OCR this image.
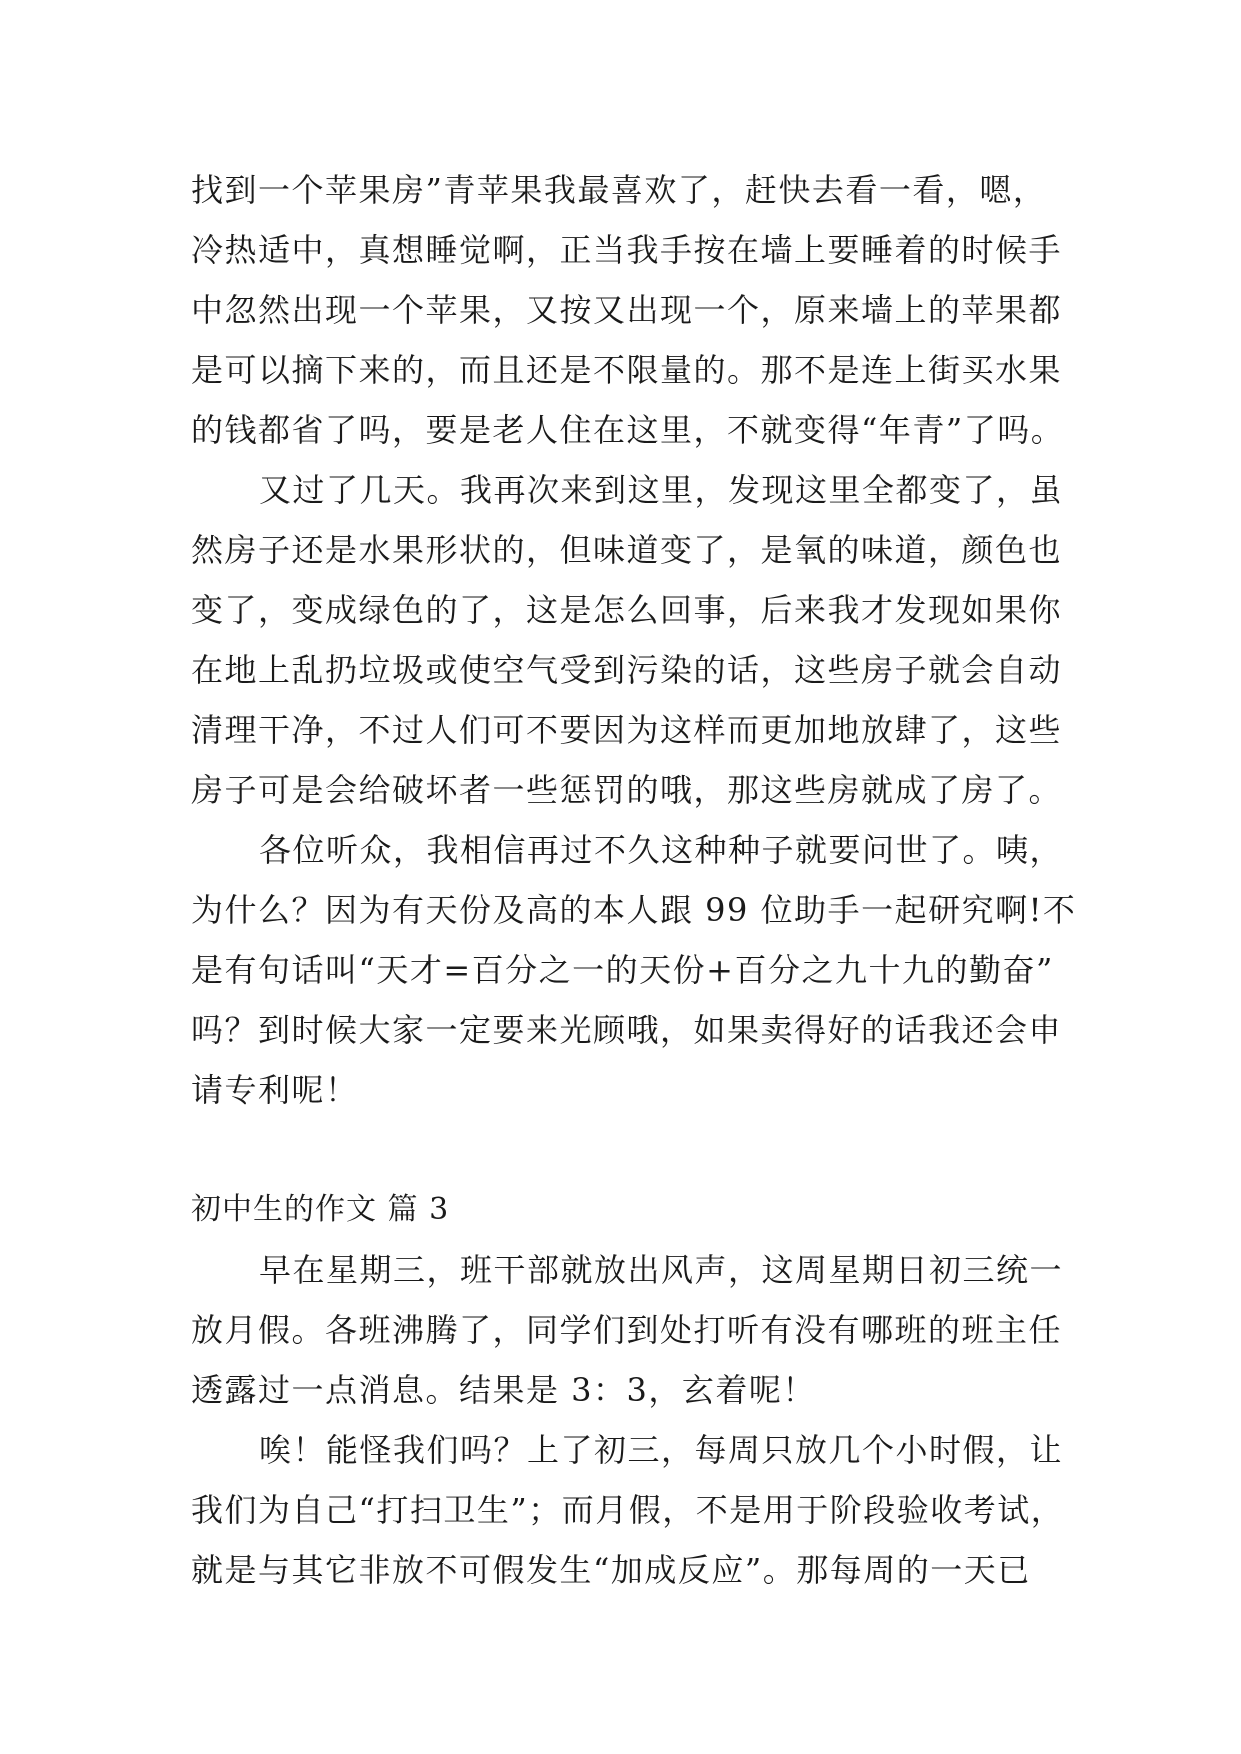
找到一个苹果房”青苹果我最喜欢了，赶快去看一看，嗯，
冷热适中，真想睡觉啊，正当我手按在墙上要睡着的时候手
中忽然出现一个苹果，又按又出现一个，原来墙上的苹果都
是可以摘下来的，而且还是不限量的。那不是连上街买水果
的钱都省了吗，要是老人住在这里，不就变得“年青”了吗。
又过了几天。我再次来到这里，发现这里全都变了，虽
然房子还是水果形状的，但味道变了，是氧的味道，颜色也
变了，变成绿色的了，这是怎么回事，后来我才发现如果你
在地上乱扔垃圾或使空气受到污染的话，这些房子就会自动
清理干净，不过人们可不要因为这样而更加地放肆了，这些
房子可是会给破坏者一些惩罚的哦，那这些房就成了房了。
各位听众，我相信再过不久这种种子就要问世了。咦，
为什么？因为有天份及高的本人跟 99 位助手一起研究啊!不
是有句话叫“天才=百分之一的天份+百分之九十九的勤奋”
吗？到时候大家一定要来光顾哦，如果卖得好的话我还会申
请专利呢！
初中生的作文 篇 3
早在星期三，班干部就放出风声，这周星期日初三统一
放月假。各班沸腾了，同学们到处打听有没有哪班的班主任
透露过一点消息。结果是 3：3，玄着呢！
唉！能怪我们吗？上了初三，每周只放几个小时假，让
我们为自己“打扫卫生”；而月假，不是用于阶段验收考试，
就是与其它非放不可假发生“加成反应”。那每周的一天已
